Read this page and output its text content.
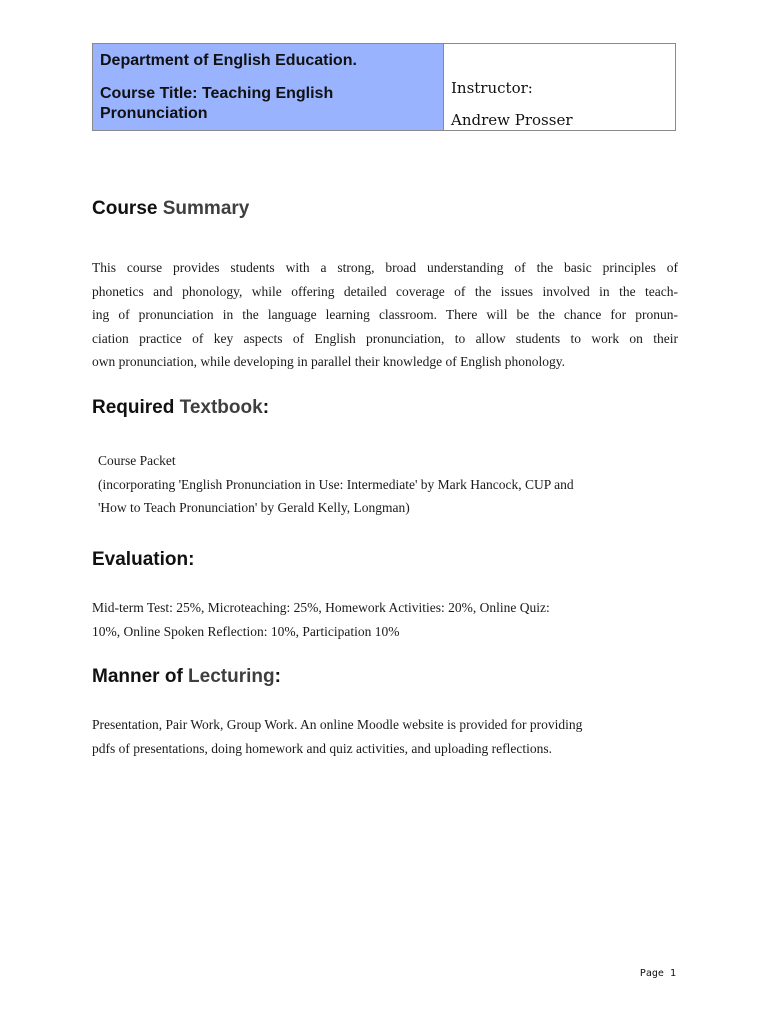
Department of English Education.
Course Title: Teaching English Pronunciation
Instructor:
Andrew Prosser
Course Summary
This course provides students with a strong, broad understanding of the basic principles of
phonetics and phonology, while offering detailed coverage of the issues involved in the teach-
ing of pronunciation in the language learning classroom. There will be the chance for pronun-
ciation practice of key aspects of English pronunciation, to allow students to work on their
own pronunciation, while developing in parallel their knowledge of English phonology.
Required Textbook:
Course Packet
(incorporating 'English Pronunciation in Use: Intermediate' by Mark Hancock, CUP and
'How to Teach Pronunciation' by Gerald Kelly, Longman)
Evaluation:
Mid-term Test: 25%, Microteaching: 25%, Homework Activities: 20%, Online Quiz:
10%, Online Spoken Reflection: 10%, Participation 10%
Manner of Lecturing:
Presentation, Pair Work, Group Work. An online Moodle website is provided for providing
pdfs of presentations, doing homework and quiz activities, and uploading reflections.
Page 1
